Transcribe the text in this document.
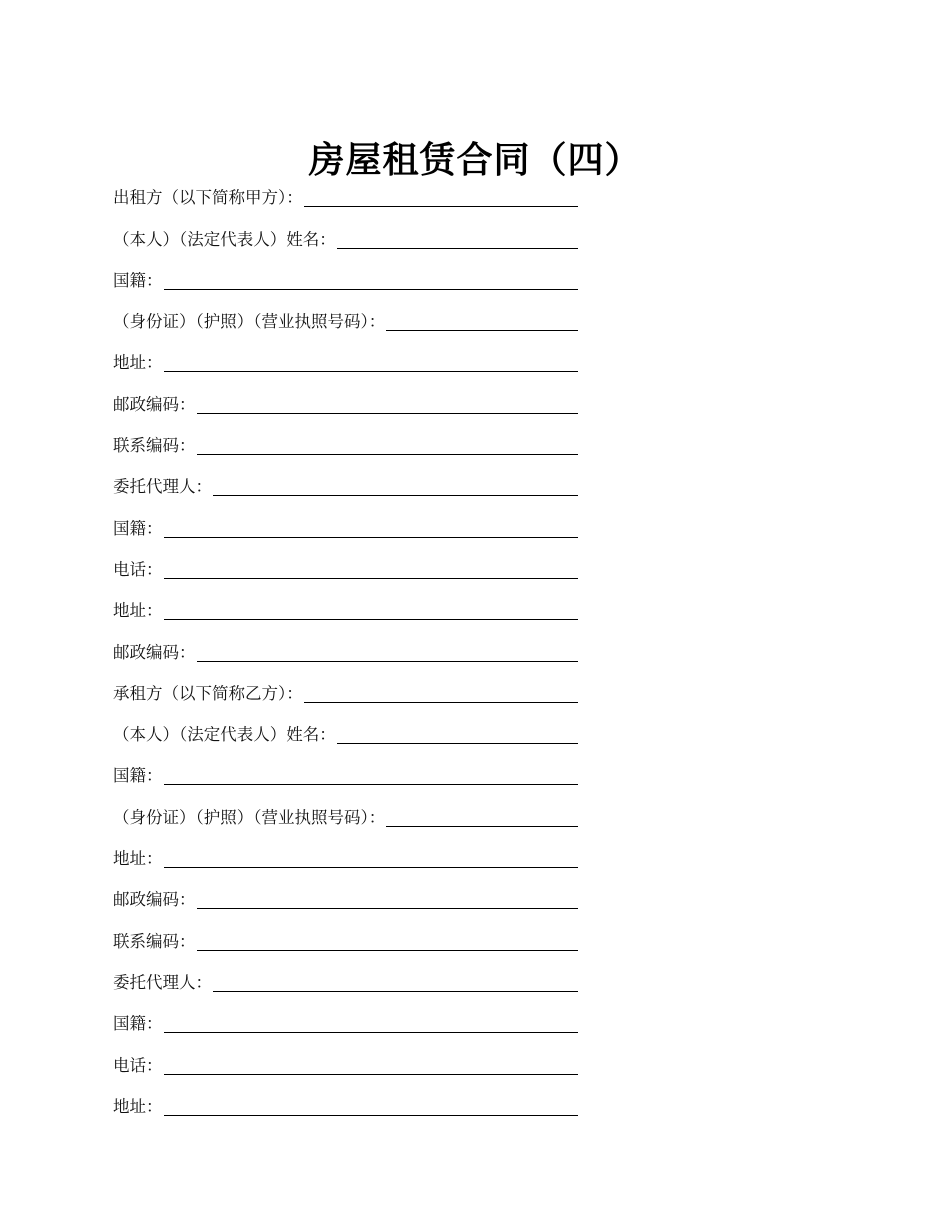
房屋租赁合同（四）
出租方（以下简称甲方）：
（本人）（法定代表人）姓名：
国籍：
（身份证）（护照）（营业执照号码）：
地址：
邮政编码：
联系编码：
委托代理人：
国籍：
电话：
地址：
邮政编码：
承租方（以下简称乙方）：
（本人）（法定代表人）姓名：
国籍：
（身份证）（护照）（营业执照号码）：
地址：
邮政编码：
联系编码：
委托代理人：
国籍：
电话：
地址：
